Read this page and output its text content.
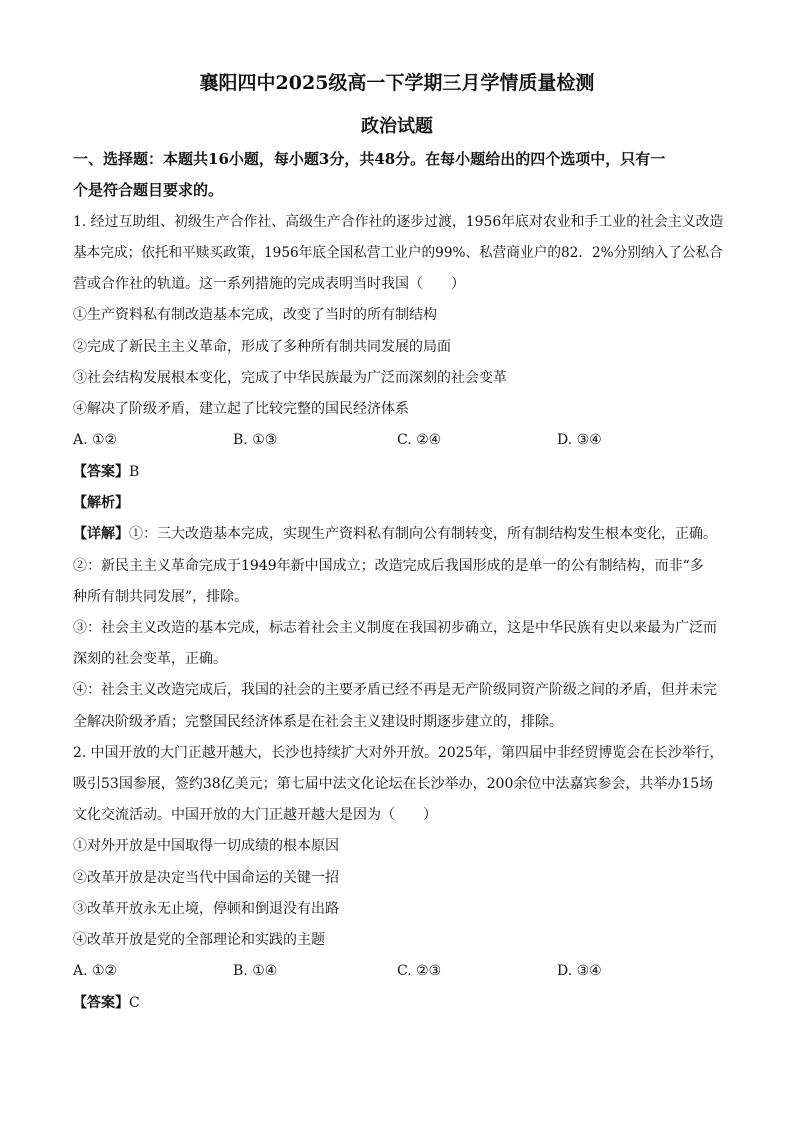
襄阳四中2025级高一下学期三月学情质量检测
政治试题
一、选择题：本题共16小题，每小题3分，共48分。在每小题给出的四个选项中，只有一
个是符合题目要求的。
1. 经过互助组、初级生产合作社、高级生产合作社的逐步过渡，1956年底对农业和手工业的社会主义改造
基本完成；依托和平赎买政策，1956年底全国私营工业户的99%、私营商业户的82．2%分别纳入了公私合
营或合作社的轨道。这一系列措施的完成表明当时我国（　　）
①生产资料私有制改造基本完成，改变了当时的所有制结构
②完成了新民主主义革命，形成了多种所有制共同发展的局面
③社会结构发展根本变化，完成了中华民族最为广泛而深刻的社会变革
④解决了阶级矛盾，建立起了比较完整的国民经济体系
A. ①②	B. ①③	C. ②④	D. ③④
【答案】B
【解析】
【详解】①：三大改造基本完成，实现生产资料私有制向公有制转变，所有制结构发生根本变化，正确。
②：新民主主义革命完成于1949年新中国成立；改造完成后我国形成的是单一的公有制结构，而非“多
种所有制共同发展”，排除。
③：社会主义改造的基本完成，标志着社会主义制度在我国初步确立，这是中华民族有史以来最为广泛而
深刻的社会变革，正确。
④：社会主义改造完成后，我国的社会的主要矛盾已经不再是无产阶级同资产阶级之间的矛盾，但并未完
全解决阶级矛盾；完整国民经济体系是在社会主义建设时期逐步建立的，排除。
2. 中国开放的大门正越开越大，长沙也持续扩大对外开放。2025年，第四届中非经贸博览会在长沙举行，
吸引53国参展，签约38亿美元；第七届中法文化论坛在长沙举办，200余位中法嘉宾参会，共举办15场
文化交流活动。中国开放的大门正越开越大是因为（　　）
①对外开放是中国取得一切成绩的根本原因
②改革开放是决定当代中国命运的关键一招
③改革开放永无止境，停顿和倒退没有出路
④改革开放是党的全部理论和实践的主题
A. ①②	B. ①④	C. ②③	D. ③④
【答案】C
